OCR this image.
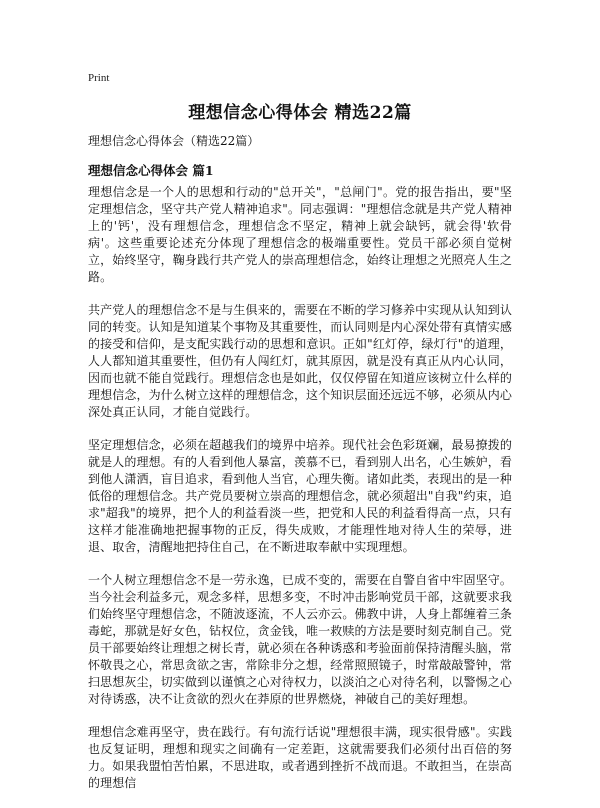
Print
理想信念心得体会 精选22篇
理想信念心得体会（精选22篇）
理想信念心得体会 篇1

理想信念是一个人的思想和行动的"总开关"，"总闸门"。党的报告指出，要"坚定理想信念，坚守共产党人精神追求"。同志强调："理想信念就是共产党人精神上的'钙'，没有理想信念，理想信念不坚定，精神上就会缺钙，就会得'软骨病'。这些重要论述充分体现了理想信念的极端重要性。党员干部必须自觉树立，始终坚守，鞠身践行共产党人的崇高理想信念，始终让理想之光照亮人生之路。

共产党人的理想信念不是与生俱来的，需要在不断的学习修养中实现从认知到认同的转变。认知是知道某个事物及其重要性，而认同则是内心深处带有真情实感的接受和信仰，是支配实践行动的思想和意识。正如"红灯停，绿灯行"的道理，人人都知道其重要性，但仍有人闯红灯，就其原因，就是没有真正从内心认同，因而也就不能自觉践行。理想信念也是如此，仅仅停留在知道应该树立什么样的理想信念，为什么树立这样的理想信念，这个知识层面还远远不够，必须从内心深处真正认同，才能自觉践行。

坚定理想信念，必须在超越我们的境界中培养。现代社会色彩斑斓，最易撩拨的就是人的理想。有的人看到他人暴富，羡慕不已，看到别人出名，心生嫉妒，看到他人潇洒，盲目追求，看到他人当官，心理失衡。诸如此类，表现出的是一种低俗的理想信念。共产党员要树立崇高的理想信念，就必须超出"自我"约束，追求"超我"的境界，把个人的利益看淡一些，把党和人民的利益看得高一点，只有这样才能准确地把握事物的正反，得失成败，才能理性地对待人生的荣辱，进退、取舍，清醒地把持住自己，在不断进取奉献中实现理想。

一个人树立理想信念不是一劳永逸，已成不变的，需要在自警自省中牢固坚守。当今社会利益多元，观念多样，思想多变，不时冲击影响党员干部，这就要求我们始终坚守理想信念，不随波逐流，不人云亦云。佛教中讲，人身上都缠着三条毒蛇，那就是好女色，钻权位，贪金钱，唯一救赎的方法是要时刻克制自己。党员干部要始终让理想之树长青，就必须在各种诱惑和考验面前保持清醒头脑，常怀敬畏之心，常思贪欲之害，常除非分之想，经常照照镜子，时常敲敲警钟，常扫思想灰尘，切实做到以谨慎之心对待权力，以淡泊之心对待名利，以警惕之心对待诱惑，决不让贪欲的烈火在莽原的世界燃烧，神破自己的美好理想。

理想信念难再坚守，贵在践行。有句流行话说"理想很丰满，现实很骨感"。实践也反复证明，理想和现实之间确有一定差距，这就需要我们必须付出百倍的努力。如果我盟怕苦怕累，不思进取，或者遇到挫折不战而退。不敢担当，在崇高的理想信
